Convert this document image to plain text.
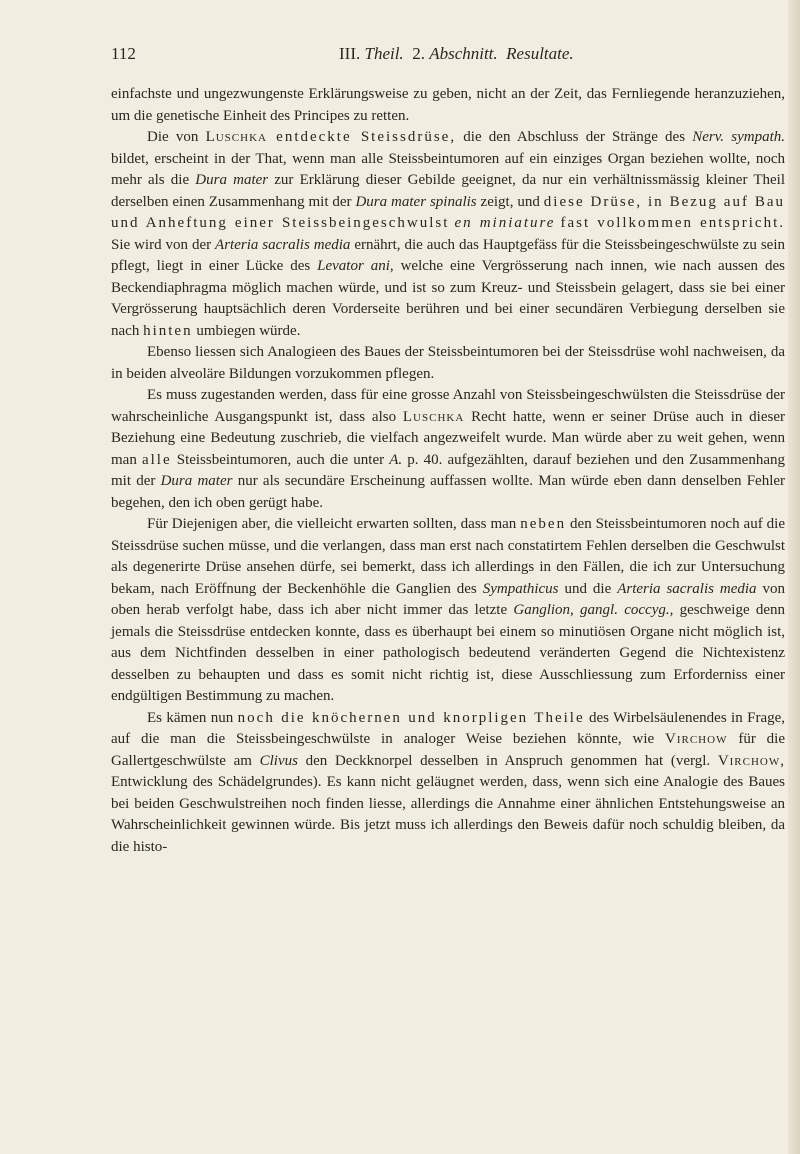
112	III. Theil. 2. Abschnitt. Resultate.

einfachste und ungezwungenste Erklärungsweise zu geben, nicht an der Zeit, das Fernliegende heranzuziehen, um die genetische Einheit des Principes zu retten.

Die von Luschka entdeckte Steissdrüse, die den Abschluss der Stränge des Nerv. sympath. bildet, erscheint in der That, wenn man alle Steissbeintumoren auf ein einziges Organ beziehen wollte, noch mehr als die Dura mater zur Erklärung dieser Gebilde geeignet, da nur ein verhältnissmässig kleiner Theil derselben einen Zusammenhang mit der Dura mater spinalis zeigt, und diese Drüse, in Bezug auf Bau und Anheftung einer Steissbeingeschwulst en miniature fast vollkommen entspricht. Sie wird von der Arteria sacralis media ernährt, die auch das Hauptgefäss für die Steissbeingeschwülste zu sein pflegt, liegt in einer Lücke des Levator ani, welche eine Vergrösserung nach innen, wie nach aussen des Beckendiaphragma möglich machen würde, und ist so zum Kreuz- und Steissbein gelagert, dass sie bei einer Vergrösserung hauptsächlich deren Vorderseite berühren und bei einer secundären Verbiegung derselben sie nach hinten umbiegen würde.

Ebenso liessen sich Analogieen des Baues der Steissbeintumoren bei der Steissdrüse wohl nachweisen, da in beiden alveoläre Bildungen vorzukommen pflegen.

Es muss zugestanden werden, dass für eine grosse Anzahl von Steissbeingeschwülsten die Steissdrüse der wahrscheinliche Ausgangspunkt ist, dass also Luschka Recht hatte, wenn er seiner Drüse auch in dieser Beziehung eine Bedeutung zuschrieb, die vielfach angezweifelt wurde. Man würde aber zu weit gehen, wenn man alle Steissbeintumoren, auch die unter A. p. 40. aufgezählten, darauf beziehen und den Zusammenhang mit der Dura mater nur als secundäre Erscheinung auffassen wollte. Man würde eben dann denselben Fehler begehen, den ich oben gerügt habe.

Für Diejenigen aber, die vielleicht erwarten sollten, dass man neben den Steissbeintumoren noch auf die Steissdrüse suchen müsse, und die verlangen, dass man erst nach constatirtem Fehlen derselben die Geschwulst als degenerirte Drüse ansehen dürfe, sei bemerkt, dass ich allerdings in den Fällen, die ich zur Untersuchung bekam, nach Eröffnung der Beckenhöhle die Ganglien des Sympathicus und die Arteria sacralis media von oben herab verfolgt habe, dass ich aber nicht immer das letzte Ganglion, gangl. coccyg., geschweige denn jemals die Steissdrüse entdecken konnte, dass es überhaupt bei einem so minutiösen Organe nicht möglich ist, aus dem Nichtfinden desselben in einer pathologisch bedeutend veränderten Gegend die Nichtexistenz desselben zu behaupten und dass es somit nicht richtig ist, diese Ausschliessung zum Erforderniss einer endgültigen Bestimmung zu machen.

Es kämen nun noch die knöchernen und knorpligen Theile des Wirbelsäulenendes in Frage, auf die man die Steissbeingeschwülste in analoger Weise beziehen könnte, wie Virchow für die Gallertgeschwülste am Clivus den Deckknorpel desselben in Anspruch genommen hat (vergl. Virchow, Entwicklung des Schädelgrundes). Es kann nicht geläugnet werden, dass, wenn sich eine Analogie des Baues bei beiden Geschwulstreihen noch finden liesse, allerdings die Annahme einer ähnlichen Entstehungsweise an Wahrscheinlichkeit gewinnen würde. Bis jetzt muss ich allerdings den Beweis dafür noch schuldig bleiben, da die histo-
